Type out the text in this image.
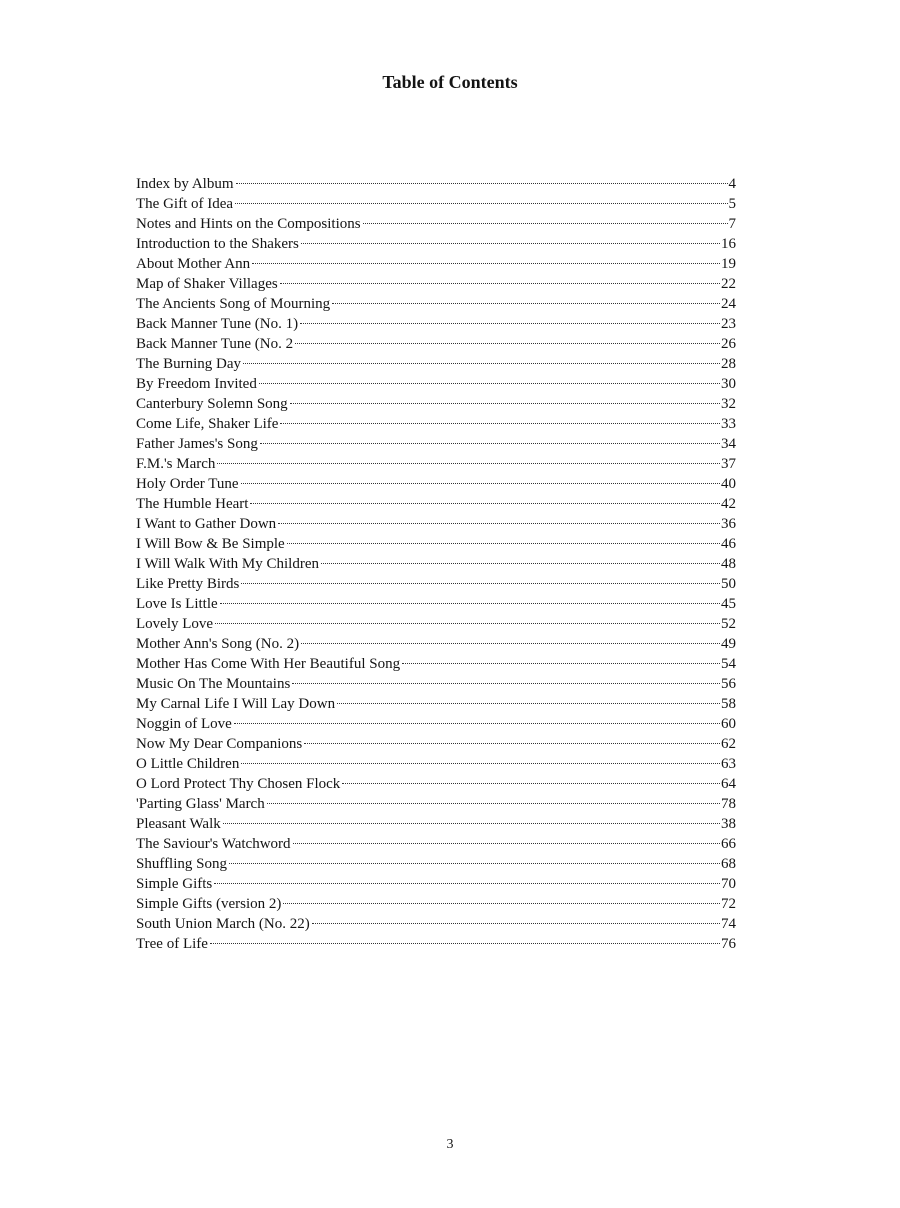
Table of Contents
Index by Album	4
The Gift of Idea	5
Notes and Hints on the Compositions	7
Introduction to the Shakers	16
About Mother Ann	19
Map of Shaker Villages	22
The Ancients Song of Mourning	24
Back Manner Tune (No. 1)	23
Back Manner Tune (No. 2	26
The Burning Day	28
By Freedom Invited	30
Canterbury Solemn Song	32
Come Life, Shaker Life	33
Father James's Song	34
F.M.'s March	37
Holy Order Tune	40
The Humble Heart	42
I Want to Gather Down	36
I Will Bow & Be Simple	46
I Will Walk With My Children	48
Like Pretty Birds	50
Love Is Little	45
Lovely Love	52
Mother Ann's Song (No. 2)	49
Mother Has Come With Her Beautiful Song	54
Music On The Mountains	56
My Carnal Life I Will Lay Down	58
Noggin of Love	60
Now My Dear Companions	62
O Little Children	63
O Lord Protect Thy Chosen Flock	64
'Parting Glass' March	78
Pleasant Walk	38
The Saviour's Watchword	66
Shuffling Song	68
Simple Gifts	70
Simple Gifts (version 2)	72
South Union March (No. 22)	74
Tree of Life	76
3
